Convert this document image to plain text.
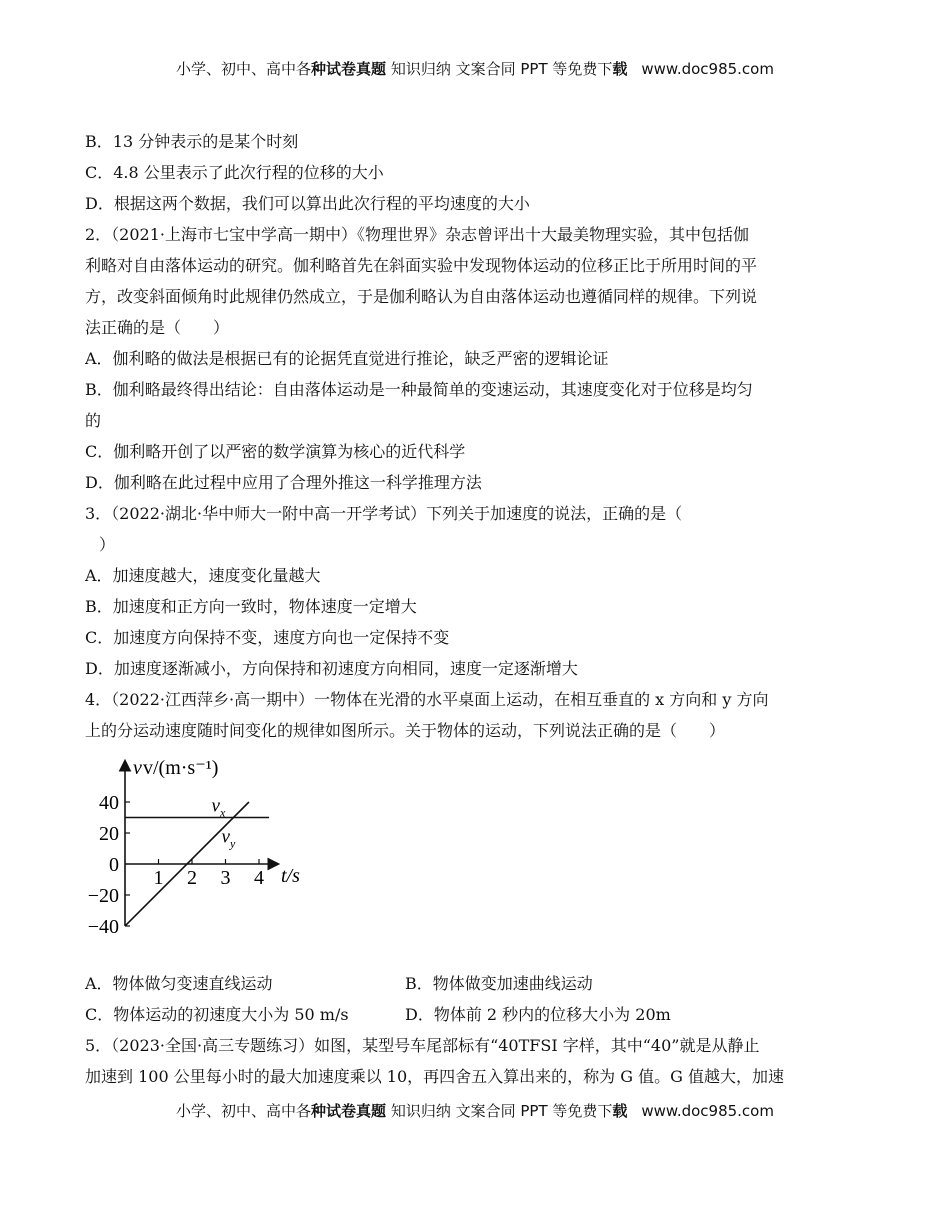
小学、初中、高中各种试卷真题 知识归纳 文案合同 PPT 等免费下载 www.doc985.com
B．13 分钟表示的是某个时刻
C．4.8 公里表示了此次行程的位移的大小
D．根据这两个数据，我们可以算出此次行程的平均速度的大小
2．（2021·上海市七宝中学高一期中）《物理世界》杂志曾评出十大最美物理实验，其中包括伽
利略对自由落体运动的研究。伽利略首先在斜面实验中发现物体运动的位移正比于所用时间的平
方，改变斜面倾角时此规律仍然成立，于是伽利略认为自由落体运动也遵循同样的规律。下列说
法正确的是（　　）
A．伽利略的做法是根据已有的论据凭直觉进行推论，缺乏严密的逻辑论证
B．伽利略最终得出结论：自由落体运动是一种最简单的变速运动，其速度变化对于位移是均匀
的
C．伽利略开创了以严密的数学演算为核心的近代科学
D．伽利略在此过程中应用了合理外推这一科学推理方法
3．（2022·湖北·华中师大一附中高一开学考试）下列关于加速度的说法，正确的是（
）
A．加速度越大，速度变化量越大
B．加速度和正方向一致时，物体速度一定增大
C．加速度方向保持不变，速度方向也一定保持不变
D．加速度逐渐减小，方向保持和初速度方向相同，速度一定逐渐增大
4．（2022·江西萍乡·高一期中）一物体在光滑的水平桌面上运动，在相互垂直的 x 方向和 y 方向
上的分运动速度随时间变化的规律如图所示。关于物体的运动，下列说法正确的是（　　）
v v/(m·s⁻¹)
t/s
40
20
0
−20
−40
1 2 3 4
$v_x$
$v_y$
A．物体做匀变速直线运动	B．物体做变加速曲线运动
C．物体运动的初速度大小为 50 m/s	D．物体前 2 秒内的位移大小为 20m
5．（2023·全国·高三专题练习）如图，某型号车尾部标有“40TFSI 字样，其中“40”就是从静止
加速到 100 公里每小时的最大加速度乘以 10，再四舍五入算出来的，称为 G 值。G 值越大，加速
小学、初中、高中各种试卷真题 知识归纳 文案合同 PPT 等免费下载 www.doc985.com
